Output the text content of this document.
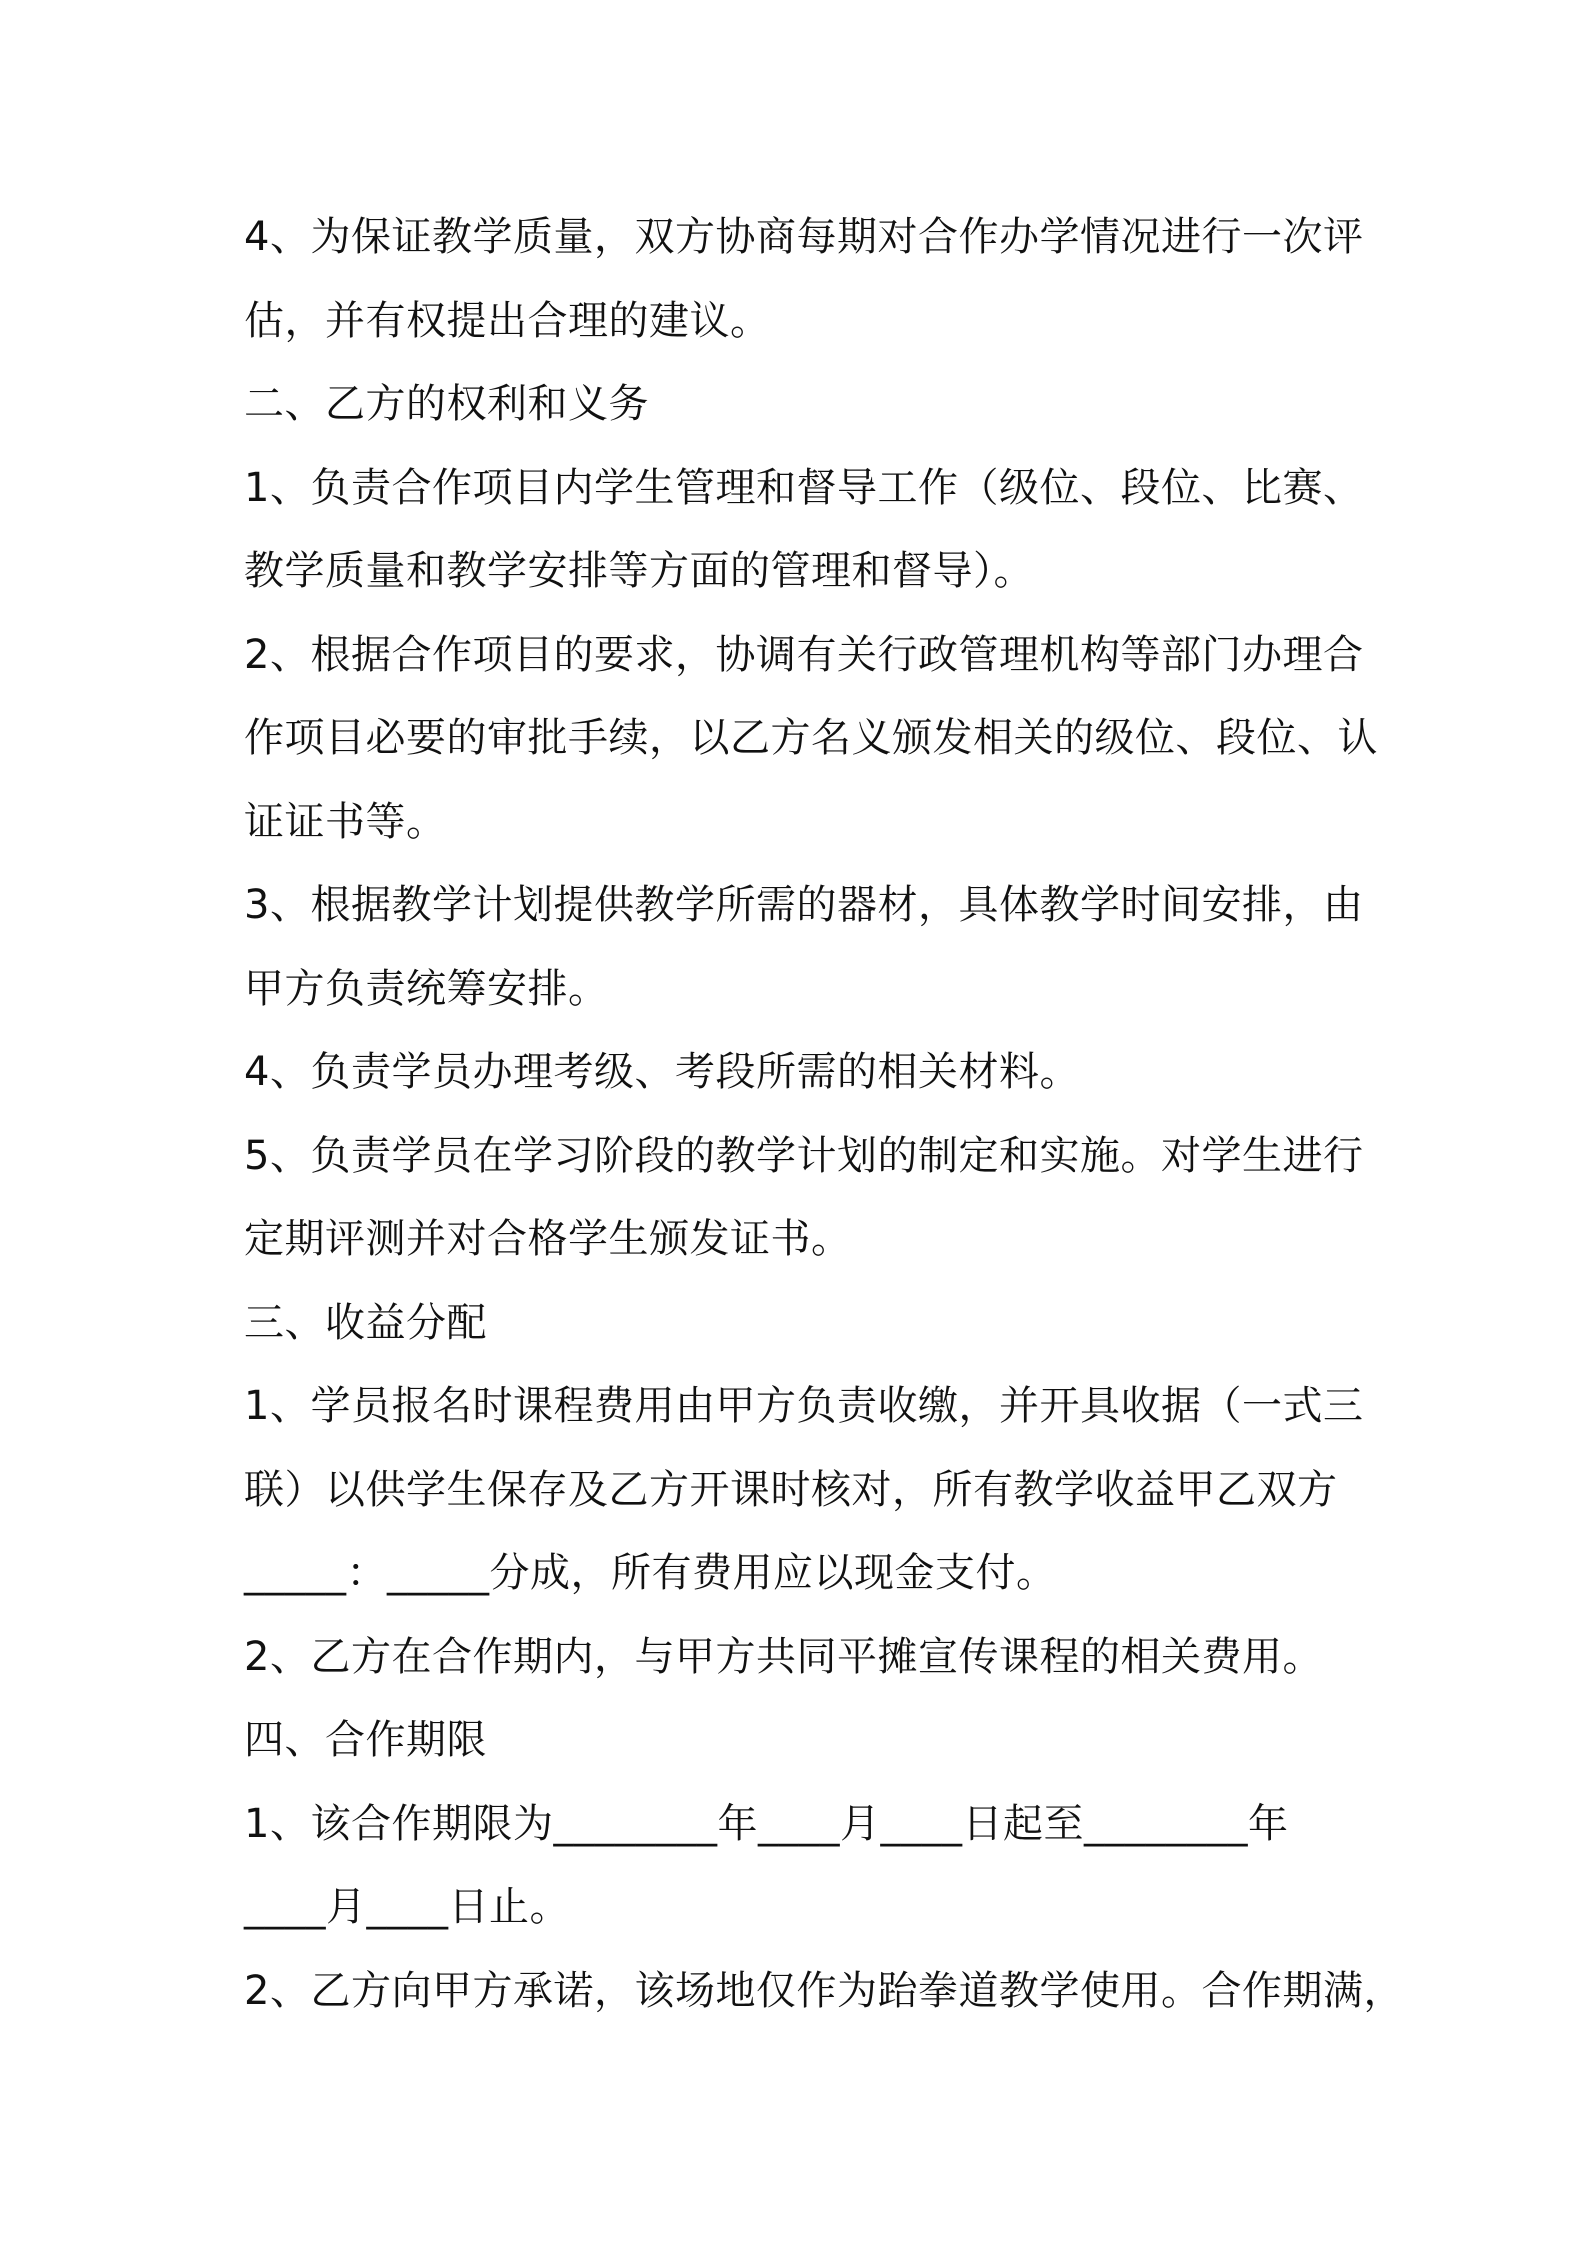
4、为保证教学质量，双方协商每期对合作办学情况进行一次评
估，并有权提出合理的建议。
二、乙方的权利和义务
1、负责合作项目内学生管理和督导工作（级位、段位、比赛、
教学质量和教学安排等方面的管理和督导）。
2、根据合作项目的要求，协调有关行政管理机构等部门办理合
作项目必要的审批手续，以乙方名义颁发相关的级位、段位、认
证证书等。
3、根据教学计划提供教学所需的器材，具体教学时间安排，由
甲方负责统筹安排。
4、负责学员办理考级、考段所需的相关材料。
5、负责学员在学习阶段的教学计划的制定和实施。对学生进行
定期评测并对合格学生颁发证书。
三、收益分配
1、学员报名时课程费用由甲方负责收缴，并开具收据（一式三
联）以供学生保存及乙方开课时核对，所有教学收益甲乙双方
_____：_____分成，所有费用应以现金支付。
2、乙方在合作期内，与甲方共同平摊宣传课程的相关费用。
四、合作期限
1、该合作期限为________年____月____日起至________年
____月____日止。
2、乙方向甲方承诺，该场地仅作为跆拳道教学使用。合作期满，
